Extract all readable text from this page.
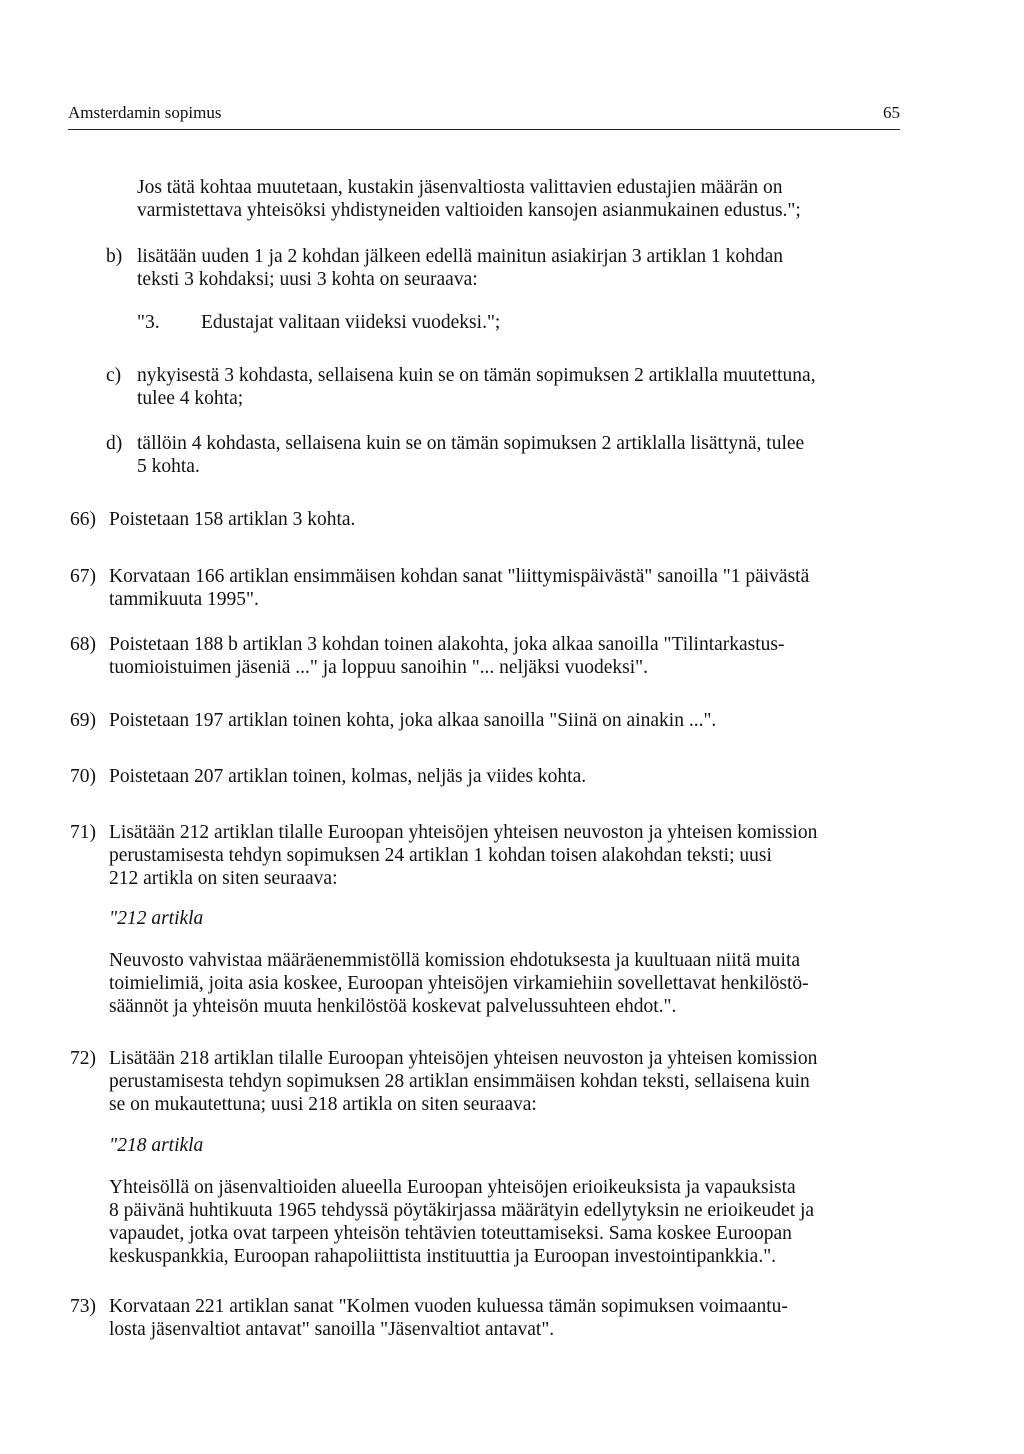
Amsterdamin sopimus	65
Jos tätä kohtaa muutetaan, kustakin jäsenvaltiosta valittavien edustajien määrän on
varmistettava yhteisöksi yhdistyneiden valtioiden kansojen asianmukainen edustus.";
b) lisätään uuden 1 ja 2 kohdan jälkeen edellä mainitun asiakirjan 3 artiklan 1 kohdan
teksti 3 kohdaksi; uusi 3 kohta on seuraava:
"3. Edustajat valitaan viideksi vuodeksi.";
c) nykyisestä 3 kohdasta, sellaisena kuin se on tämän sopimuksen 2 artiklalla muutettuna,
tulee 4 kohta;
d) tällöin 4 kohdasta, sellaisena kuin se on tämän sopimuksen 2 artiklalla lisättynä, tulee
5 kohta.
66) Poistetaan 158 artiklan 3 kohta.
67) Korvataan 166 artiklan ensimmäisen kohdan sanat "liittymispäivästä" sanoilla "1 päivästä
tammikuuta 1995".
68) Poistetaan 188 b artiklan 3 kohdan toinen alakohta, joka alkaa sanoilla "Tilintarkastus-
tuomioistuimen jäseniä ..." ja loppuu sanoihin "... neljäksi vuodeksi".
69) Poistetaan 197 artiklan toinen kohta, joka alkaa sanoilla "Siinä on ainakin ...".
70) Poistetaan 207 artiklan toinen, kolmas, neljäs ja viides kohta.
71) Lisätään 212 artiklan tilalle Euroopan yhteisöjen yhteisen neuvoston ja yhteisen komission
perustamisesta tehdyn sopimuksen 24 artiklan 1 kohdan toisen alakohdan teksti; uusi
212 artikla on siten seuraava:
"212 artikla
Neuvosto vahvistaa määräenemmistöllä komission ehdotuksesta ja kuultuaan niitä muita
toimielimiä, joita asia koskee, Euroopan yhteisöjen virkamiehiin sovellettavat henkilöstö-
säännöt ja yhteisön muuta henkilöstöä koskevat palvelussuhteen ehdot.".
72) Lisätään 218 artiklan tilalle Euroopan yhteisöjen yhteisen neuvoston ja yhteisen komission
perustamisesta tehdyn sopimuksen 28 artiklan ensimmäisen kohdan teksti, sellaisena kuin
se on mukautettuna; uusi 218 artikla on siten seuraava:
"218 artikla
Yhteisöllä on jäsenvaltioiden alueella Euroopan yhteisöjen erioikeuksista ja vapauksista
8 päivänä huhtikuuta 1965 tehdyssä pöytäkirjassa määrätyin edellytyksin ne erioikeudet ja
vapaudet, jotka ovat tarpeen yhteisön tehtävien toteuttamiseksi. Sama koskee Euroopan
keskuspankkia, Euroopan rahapoliittista instituuttia ja Euroopan investointipankkia.".
73) Korvataan 221 artiklan sanat "Kolmen vuoden kuluessa tämän sopimuksen voimaantu-
losta jäsenvaltiot antavat" sanoilla "Jäsenvaltiot antavat".
